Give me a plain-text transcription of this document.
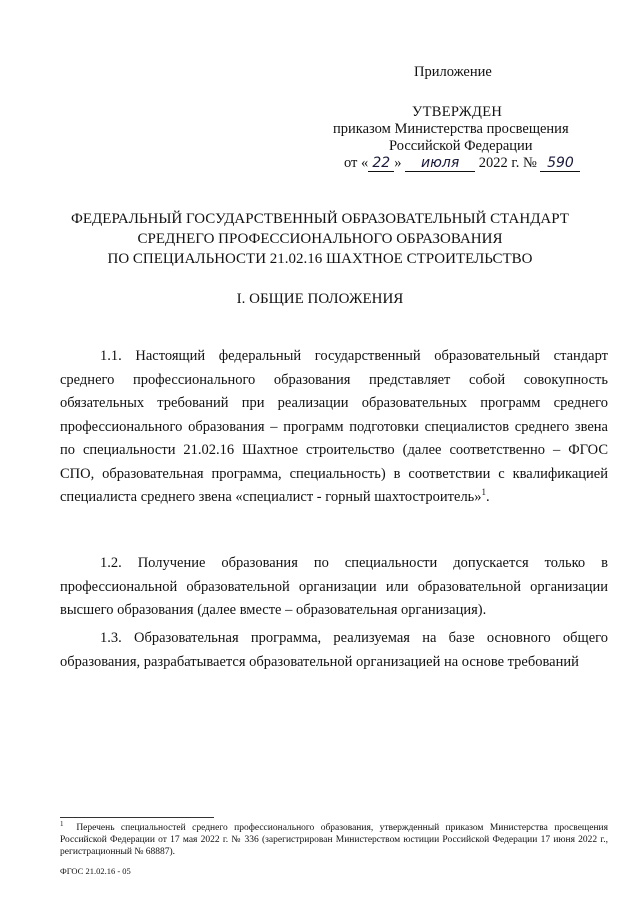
Приложение
УТВЕРЖДЕН
приказом Министерства просвещения
Российской Федерации
от « 22 » июля 2022 г. № 590
ФЕДЕРАЛЬНЫЙ ГОСУДАРСТВЕННЫЙ ОБРАЗОВАТЕЛЬНЫЙ СТАНДАРТ
СРЕДНЕГО ПРОФЕССИОНАЛЬНОГО ОБРАЗОВАНИЯ
ПО СПЕЦИАЛЬНОСТИ 21.02.16 ШАХТНОЕ СТРОИТЕЛЬСТВО
I. ОБЩИЕ ПОЛОЖЕНИЯ

1.1. Настоящий федеральный государственный образовательный стандарт среднего профессионального образования представляет собой совокупность обязательных требований при реализации образовательных программ среднего профессионального образования – программ подготовки специалистов среднего звена по специальности 21.02.16 Шахтное строительство (далее соответственно – ФГОС СПО, образовательная программа, специальность) в соответствии с квалификацией специалиста среднего звена «специалист - горный шахтостроитель»$^1$.

1.2. Получение образования по специальности допускается только в профессиональной образовательной организации или образовательной организации высшего образования (далее вместе – образовательная организация).

1.3. Образовательная программа, реализуемая на базе основного общего образования, разрабатывается образовательной организацией на основе требований

$^1$ Перечень специальностей среднего профессионального образования, утвержденный приказом Министерства просвещения Российской Федерации от 17 мая 2022 г. № 336 (зарегистрирован Министерством юстиции Российской Федерации 17 июня 2022 г., регистрационный № 68887).
ФГОС 21.02.16 - 05
